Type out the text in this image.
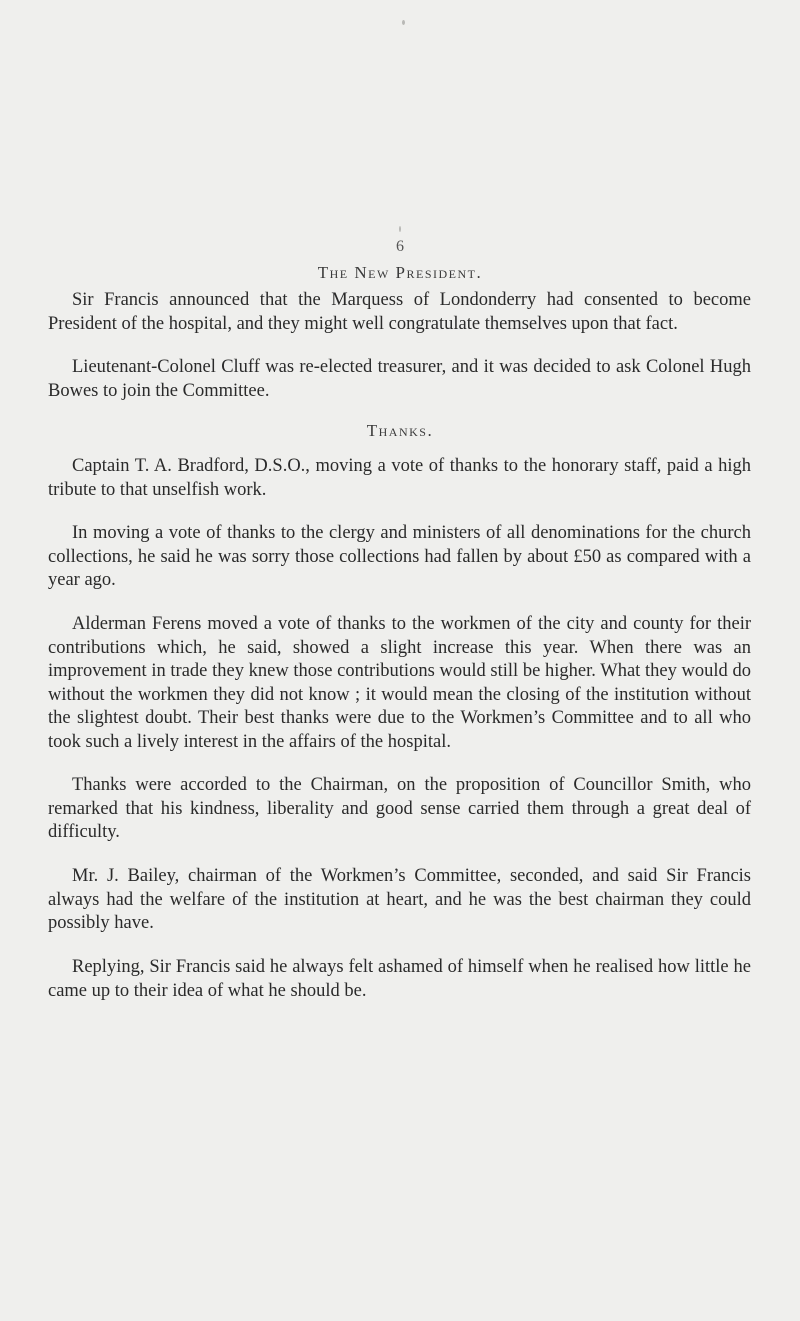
6
The New President.

Sir Francis announced that the Marquess of Londonderry had consented to become President of the hospital, and they might well congratulate themselves upon that fact.

Lieutenant-Colonel Cluff was re-elected treasurer, and it was decided to ask Colonel Hugh Bowes to join the Committee.

Thanks.

Captain T. A. Bradford, D.S.O., moving a vote of thanks to the honorary staff, paid a high tribute to that unselfish work.

In moving a vote of thanks to the clergy and ministers of all denominations for the church collections, he said he was sorry those collections had fallen by about £50 as compared with a year ago.

Alderman Ferens moved a vote of thanks to the workmen of the city and county for their contributions which, he said, showed a slight increase this year. When there was an improvement in trade they knew those contributions would still be higher. What they would do without the workmen they did not know ; it would mean the closing of the institution without the slightest doubt. Their best thanks were due to the Workmen’s Committee and to all who took such a lively interest in the affairs of the hospital.

Thanks were accorded to the Chairman, on the proposition of Councillor Smith, who remarked that his kindness, liberality and good sense carried them through a great deal of difficulty.

Mr. J. Bailey, chairman of the Workmen’s Committee, seconded, and said Sir Francis always had the welfare of the institution at heart, and he was the best chairman they could possibly have.

Replying, Sir Francis said he always felt ashamed of himself when he realised how little he came up to their idea of what he should be.
